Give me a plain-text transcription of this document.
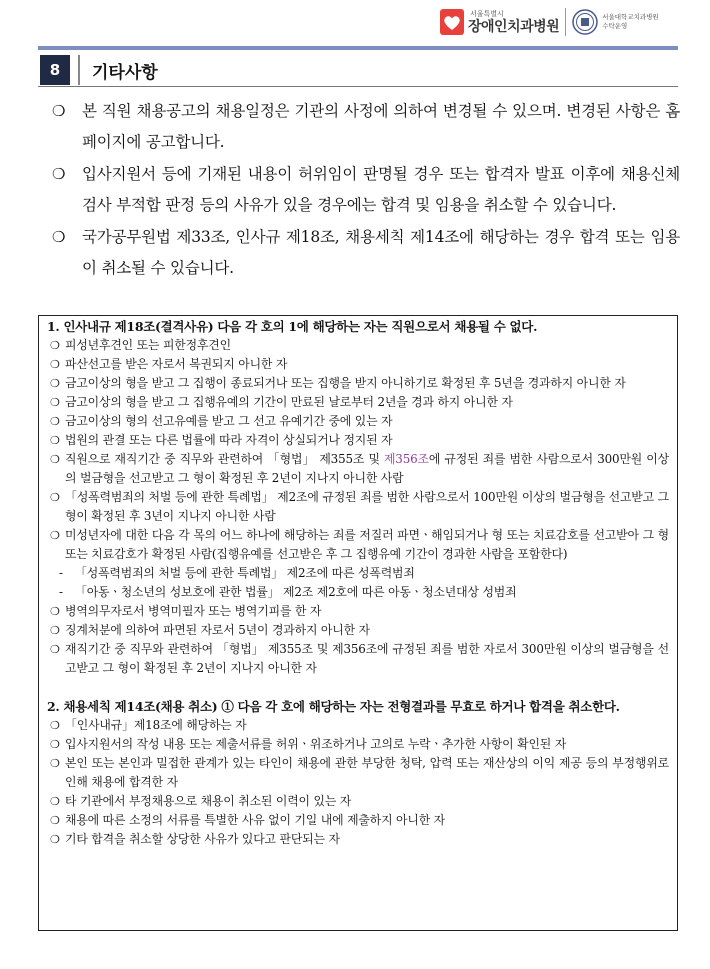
서울특별시
장애인치과병원
서울대학교치과병원
수탁운영
8	기타사항
❍ 본 직원 채용공고의 채용일정은 기관의 사정에 의하여 변경될 수 있으며. 변경된 사항은 홈페이지에 공고합니다.
❍ 입사지원서 등에 기재된 내용이 허위임이 판명될 경우 또는 합격자 발표 이후에 채용신체검사 부적합 판정 등의 사유가 있을 경우에는 합격 및 임용을 취소할 수 있습니다.
❍ 국가공무원법 제33조, 인사규 제18조, 채용세칙 제14조에 해당하는 경우 합격 또는 임용이 취소될 수 있습니다.
1. 인사내규 제18조(결격사유) 다음 각 호의 1에 해당하는 자는 직원으로서 채용될 수 없다.
❍ 피성년후견인 또는 피한정후견인
❍ 파산선고를 받은 자로서 복권되지 아니한 자
❍ 금고이상의 형을 받고 그 집행이 종료되거나 또는 집행을 받지 아니하기로 확정된 후 5년을 경과하지 아니한 자
❍ 금고이상의 형을 받고 그 집행유예의 기간이 만료된 날로부터 2년을 경과 하지 아니한 자
❍ 금고이상의 형의 선고유예를 받고 그 선고 유예기간 중에 있는 자
❍ 법원의 관결 또는 다른 법률에 따라 자격이 상실되거나 정지된 자
❍ 직원으로 재직기간 중 직무와 관련하여 「형법」 제355조 및 제356조에 규정된 죄를 범한 사람으로서 300만원 이상의 벌금형을 선고받고 그 형이 확정된 후 2년이 지나지 아니한 사람
❍ 「성폭력범죄의 처벌 등에 관한 특례법」 제2조에 규정된 죄를 범한 사람으로서 100만원 이상의 벌금형을 선고받고 그 형이 확정된 후 3년이 지나지 아니한 사람
❍ 미성년자에 대한 다음 각 목의 어느 하나에 해당하는 죄를 저질러 파면ㆍ해임되거나 형 또는 치료감호를 선고받아 그 형 또는 치료감호가 확정된 사람(집행유예를 선고받은 후 그 집행유예 기간이 경과한 사람을 포함한다)
- 「성폭력범죄의 처벌 등에 관한 특례법」 제2조에 따른 성폭력범죄
- 「아동ㆍ청소년의 성보호에 관한 법률」 제2조 제2호에 따른 아동ㆍ청소년대상 성범죄
❍ 병역의무자로서 병역미필자 또는 병역기피를 한 자
❍ 징계처분에 의하여 파면된 자로서 5년이 경과하지 아니한 자
❍ 재직기간 중 직무와 관련하여 「형법」 제355조 및 제356조에 규정된 죄를 범한 자로서 300만원 이상의 벌금형을 선고받고 그 형이 확정된 후 2년이 지나지 아니한 자
2. 채용세칙 제14조(채용 취소) ① 다음 각 호에 해당하는 자는 전형결과를 무효로 하거나 합격을 취소한다.
❍ 「인사내규」제18조에 해당하는 자
❍ 입사지원서의 작성 내용 또는 제출서류를 허위ㆍ위조하거나 고의로 누락ㆍ추가한 사항이 확인된 자
❍ 본인 또는 본인과 밀접한 관계가 있는 타인이 채용에 관한 부당한 청탁, 압력 또는 재산상의 이익 제공 등의 부정행위로 인해 채용에 합격한 자
❍ 타 기관에서 부정채용으로 채용이 취소된 이력이 있는 자
❍ 채용에 따른 소정의 서류를 특별한 사유 없이 기일 내에 제출하지 아니한 자
❍ 기타 합격을 취소할 상당한 사유가 있다고 판단되는 자
